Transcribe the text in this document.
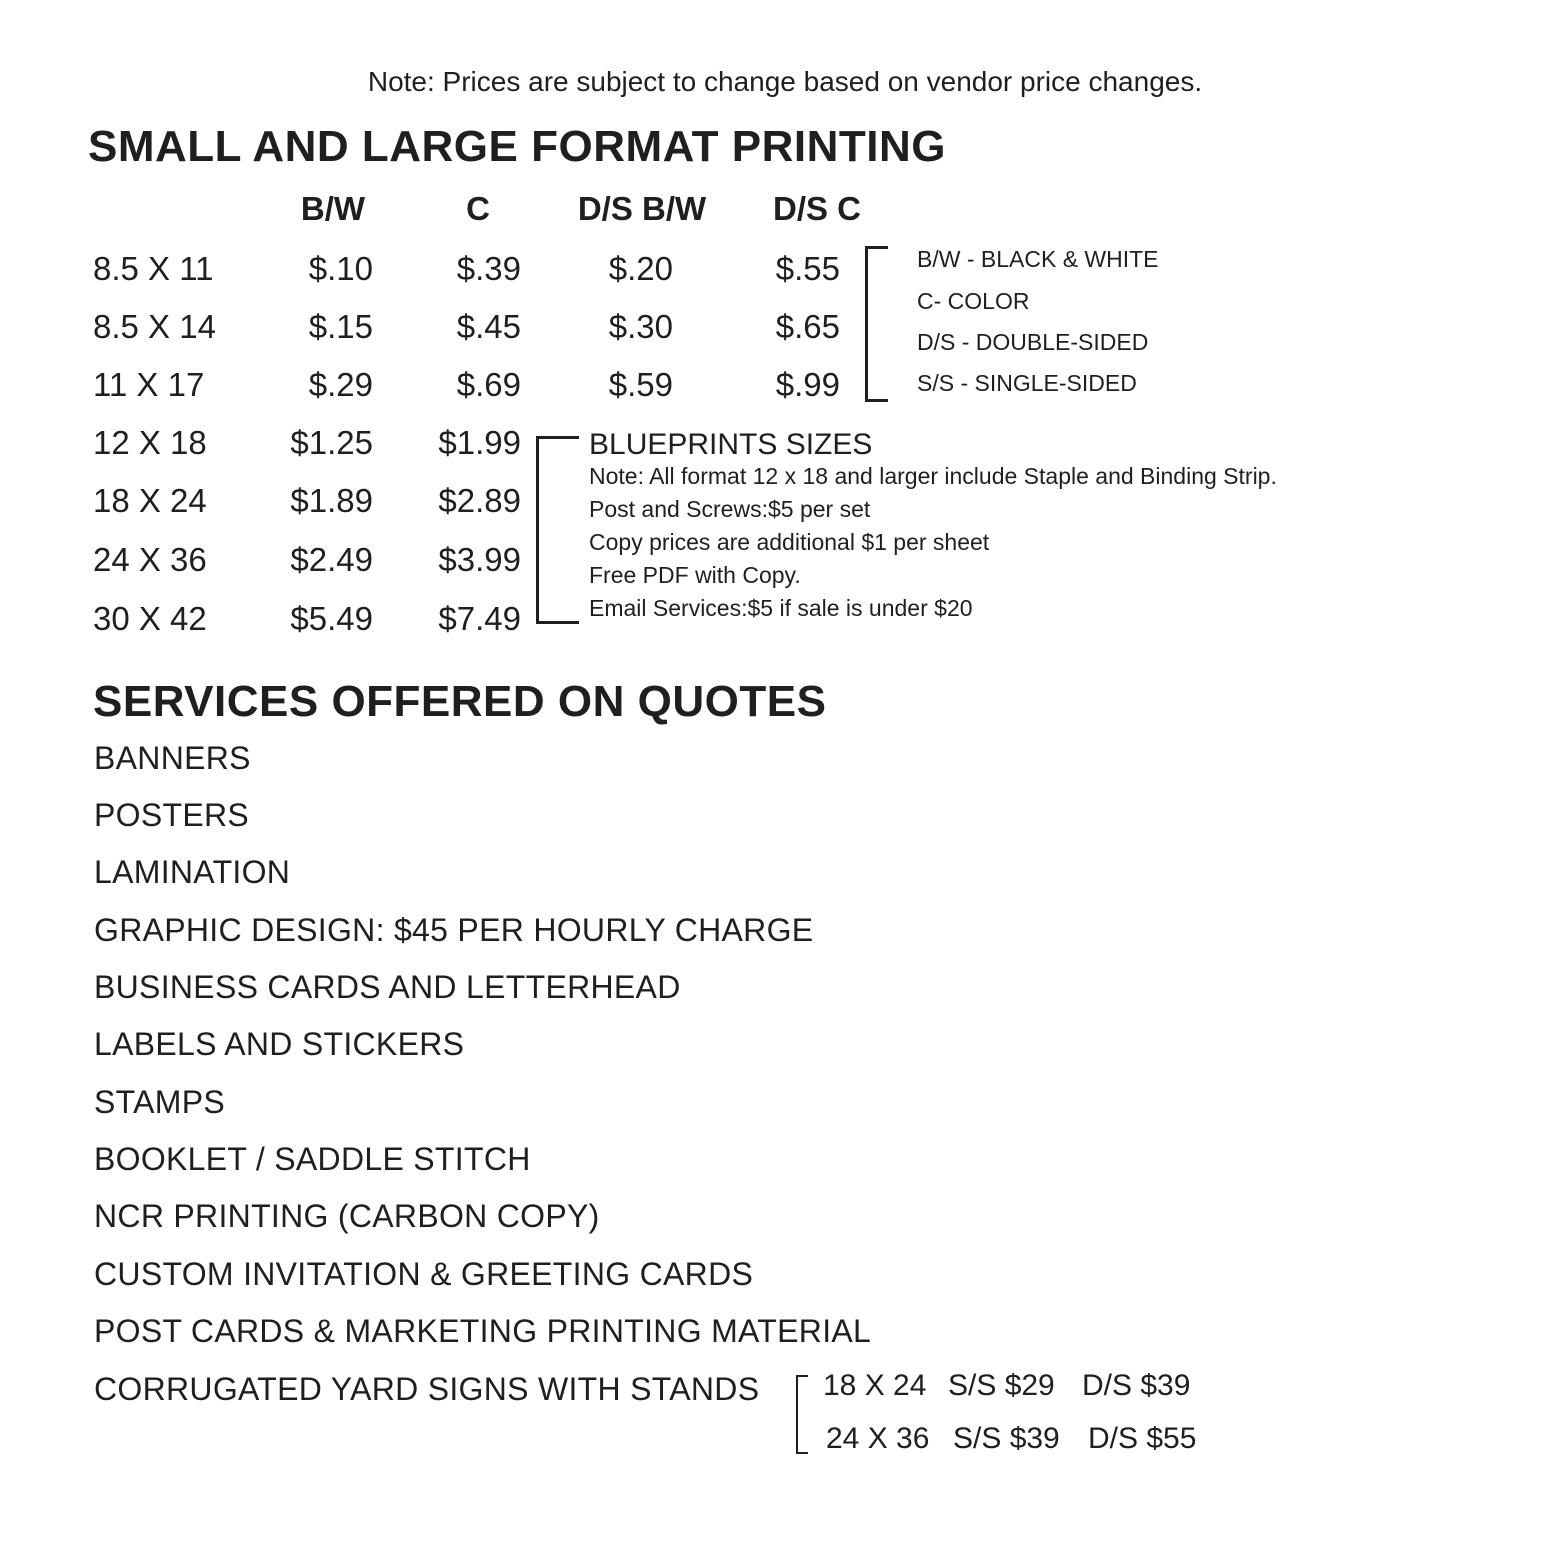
Note: Prices are subject to change based on vendor price changes.
SMALL AND LARGE FORMAT PRINTING
B/W	C	D/S B/W	D/S C
8.5 X 11	$.10	$.39	$.20	$.55
8.5 X 14	$.15	$.45	$.30	$.65
11 X 17	$.29	$.69	$.59	$.99
12 X 18	$1.25	$1.99
18 X 24	$1.89	$2.89
24 X 36	$2.49	$3.99
30 X 42	$5.49	$7.49
B/W - BLACK & WHITE
C- COLOR
D/S - DOUBLE-SIDED
S/S - SINGLE-SIDED
BLUEPRINTS SIZES
Note: All format 12 x 18 and larger include Staple and Binding Strip.
Post and Screws:$5 per set
Copy prices are additional $1 per sheet
Free PDF with Copy.
Email Services:$5 if sale is under $20
SERVICES OFFERED ON QUOTES
BANNERS
POSTERS
LAMINATION
GRAPHIC DESIGN: $45 PER HOURLY CHARGE
BUSINESS CARDS AND LETTERHEAD
LABELS AND STICKERS
STAMPS
BOOKLET / SADDLE STITCH
NCR PRINTING (CARBON COPY)
CUSTOM INVITATION & GREETING CARDS
POST CARDS & MARKETING PRINTING MATERIAL
CORRUGATED YARD SIGNS WITH STANDS 18 X 24 S/S $29 D/S $39
24 X 36 S/S $39 D/S $55
